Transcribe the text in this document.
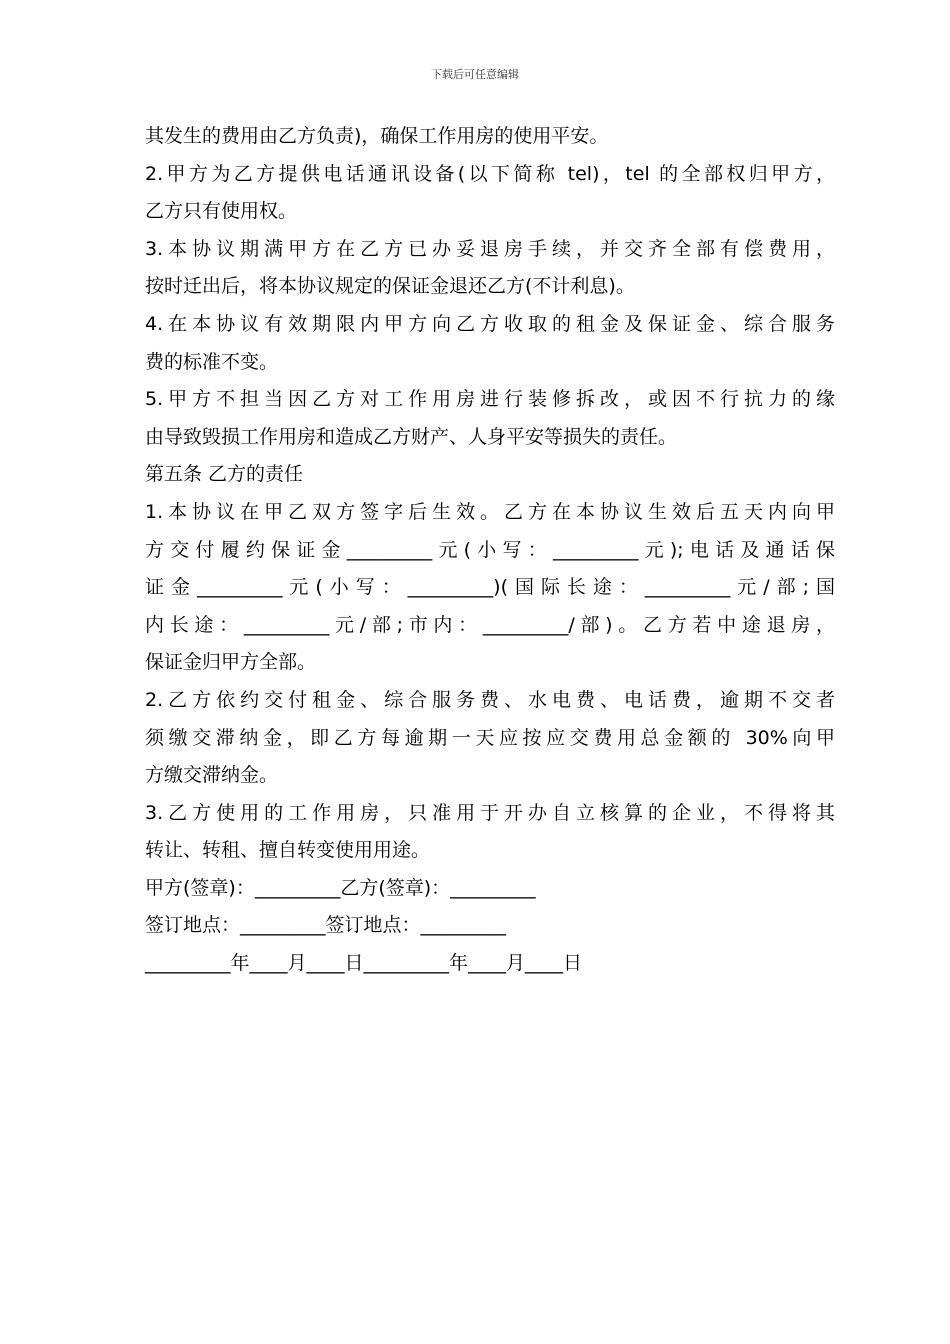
下载后可任意编辑
其发生的费用由乙方负责)，确保工作用房的使用平安。
2.甲方为乙方提供电话通讯设备(以下简称 tel)，tel 的全部权归甲方，
乙方只有使用权。
3.本协议期满甲方在乙方已办妥退房手续，并交齐全部有偿费用，
按时迁出后，将本协议规定的保证金退还乙方(不计利息)。
4.在本协议有效期限内甲方向乙方收取的租金及保证金、综合服务
费的标准不变。
5.甲方不担当因乙方对工作用房进行装修拆改，或因不行抗力的缘
由导致毁损工作用房和造成乙方财产、人身平安等损失的责任。
第五条 乙方的责任
1.本协议在甲乙双方签字后生效。乙方在本协议生效后五天内向甲
方交付履约保证金_________元(小写：_________元);电话及通话保
证金_________元(小写：_________)(国际长途：_________元/部;国
内长途：_________元/部;市内：_________/部)。乙方若中途退房，
保证金归甲方全部。
2.乙方依约交付租金、综合服务费、水电费、电话费，逾期不交者
须缴交滞纳金，即乙方每逾期一天应按应交费用总金额的 30%向甲
方缴交滞纳金。
3.乙方使用的工作用房，只准用于开办自立核算的企业，不得将其
转让、转租、擅自转变使用用途。
甲方(签章)：_________乙方(签章)：_________
签订地点：_________签订地点：_________
_________年____月____日_________年____月____日
